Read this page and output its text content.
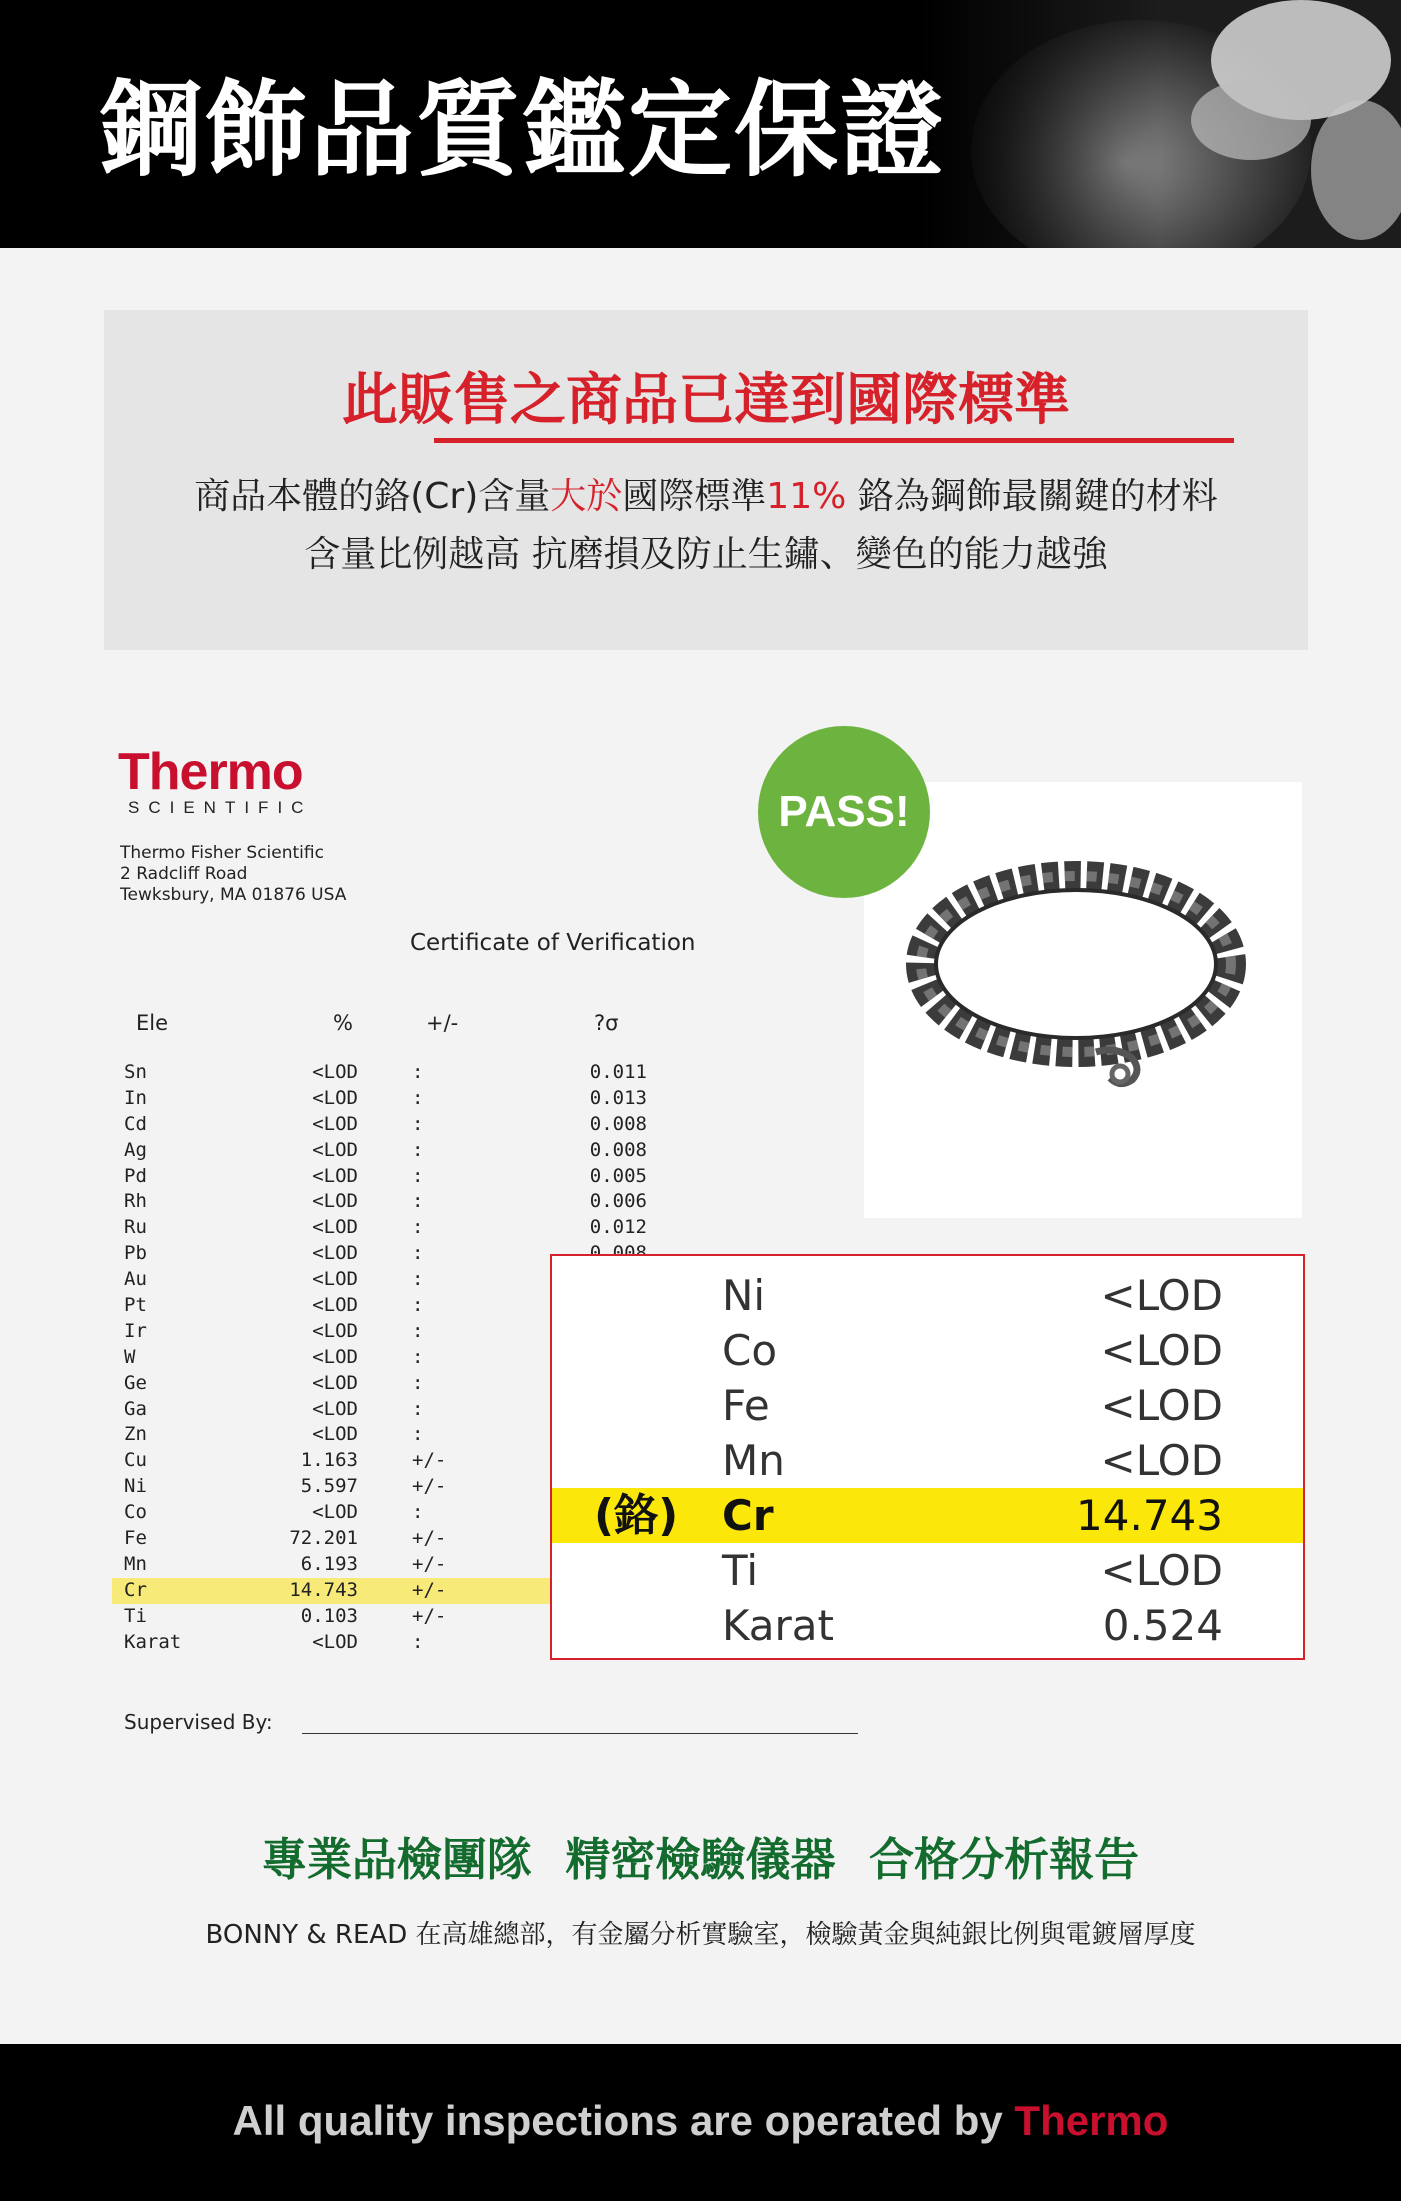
鋼飾品質鑑定保證
此販售之商品已達到國際標準
商品本體的鉻(Cr)含量大於國際標準11% 鉻為鋼飾最關鍵的材料
含量比例越高 抗磨損及防止生鏽、變色的能力越強
Thermo
SCIENTIFIC
Thermo Fisher Scientific
2 Radcliff Road
Tewksbury, MA 01876 USA
Certificate of Verification
Ele	%	+/-	?σ
Sn	<LOD	:	0.011
In	<LOD	:	0.013
Cd	<LOD	:	0.008
Ag	<LOD	:	0.008
Pd	<LOD	:	0.005
Rh	<LOD	:	0.006
Ru	<LOD	:	0.012
Pb	<LOD	:
Au	<LOD	:
Pt	<LOD	:
Ir	<LOD	:
W	<LOD	:
Ge	<LOD	:
Ga	<LOD	:
Zn	<LOD	:
Cu	1.163	+/-
Ni	5.597	+/-
Co	<LOD	:
Fe	72.201	+/-
Mn	6.193	+/-
Cr	14.743	+/-
Ti	0.103	+/-
Karat	<LOD	:
Supervised By:
PASS!
Ni	<LOD
Co	<LOD
Fe	<LOD
Mn	<LOD
(鉻) Cr	14.743
Ti	<LOD
Karat	0.524
專業品檢團隊 精密檢驗儀器 合格分析報告
BONNY & READ 在高雄總部，有金屬分析實驗室，檢驗黃金與純銀比例與電鍍層厚度
All quality inspections are operated by Thermo
